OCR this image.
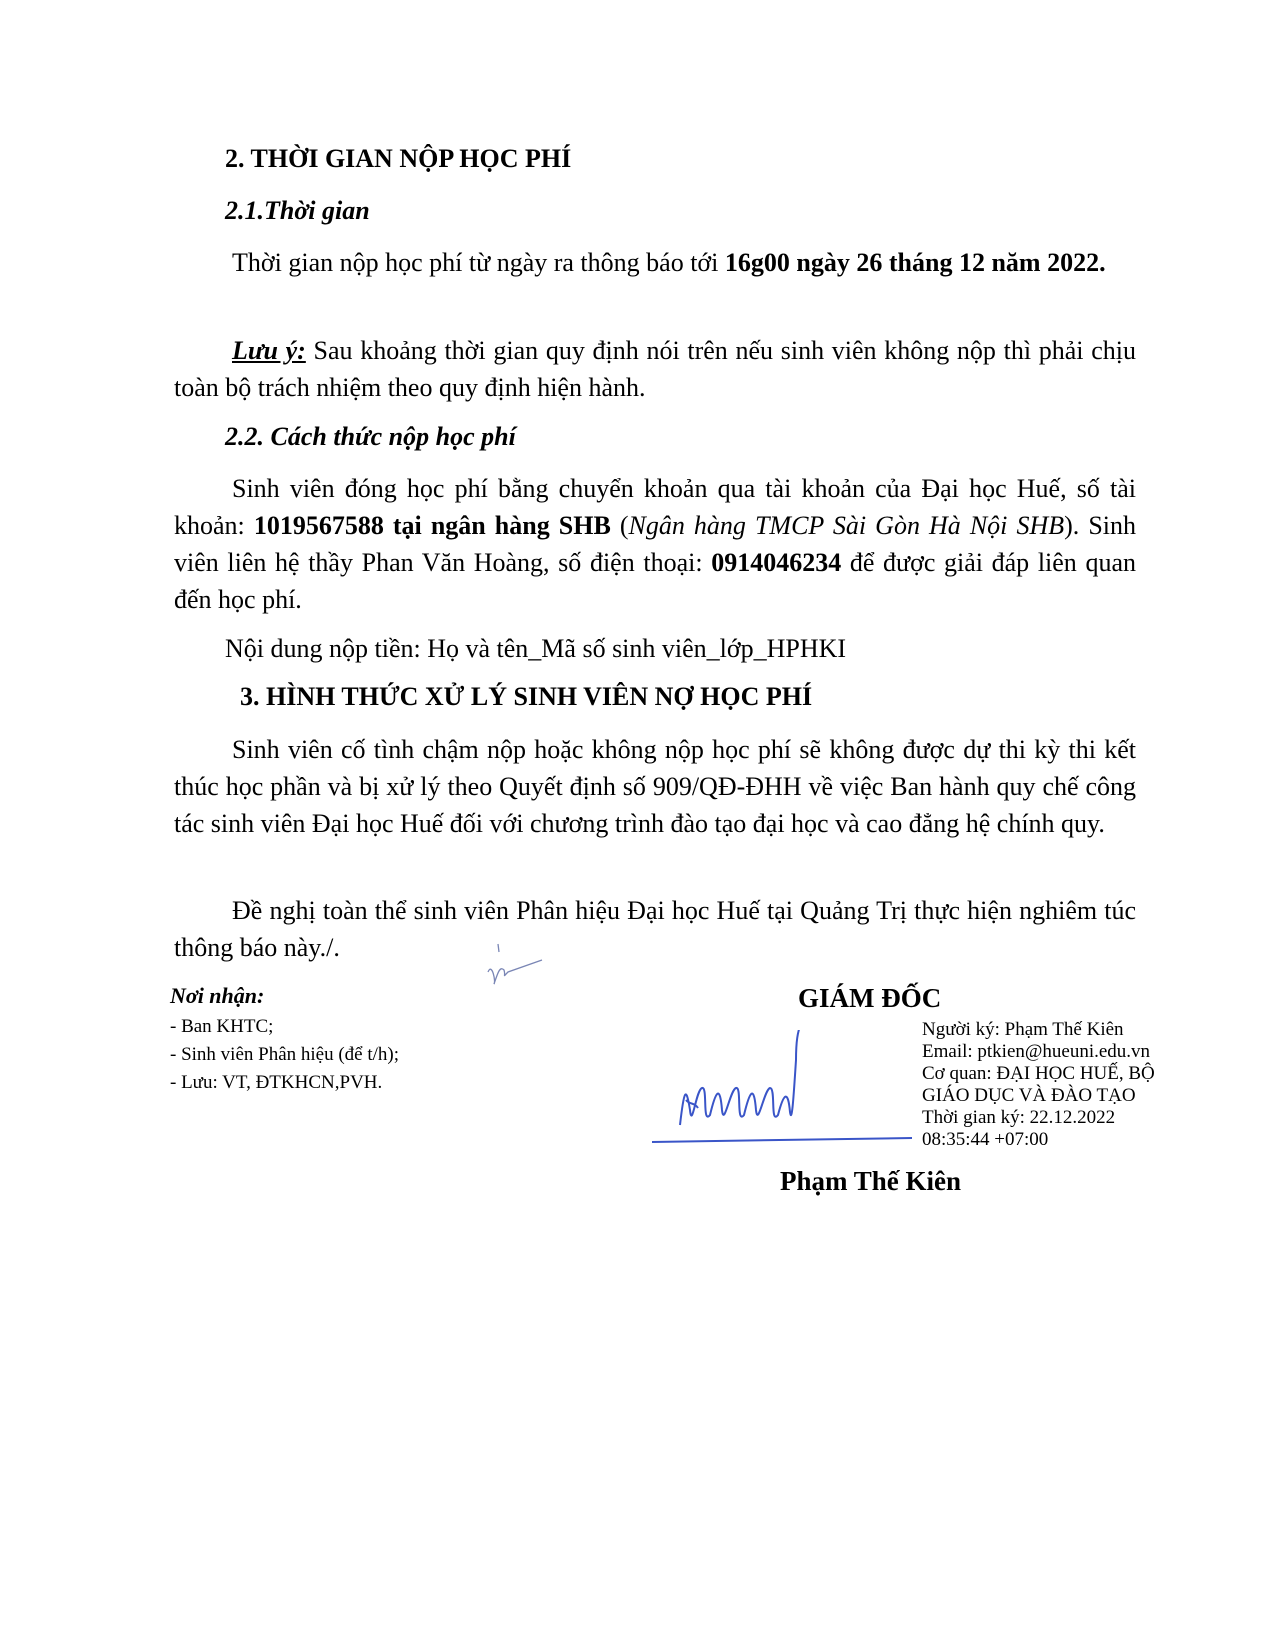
2. THỜI GIAN NỘP HỌC PHÍ
2.1.Thời gian
Thời gian nộp học phí từ ngày ra thông báo tới 16g00 ngày 26 tháng 12 năm 2022.
Lưu ý: Sau khoảng thời gian quy định nói trên nếu sinh viên không nộp thì phải chịu toàn bộ trách nhiệm theo quy định hiện hành.
2.2. Cách thức nộp học phí
Sinh viên đóng học phí bằng chuyển khoản qua tài khoản của Đại học Huế, số tài khoản: 1019567588 tại ngân hàng SHB (Ngân hàng TMCP Sài Gòn Hà Nội SHB). Sinh viên liên hệ thầy Phan Văn Hoàng, số điện thoại: 0914046234 để được giải đáp liên quan đến học phí.
Nội dung nộp tiền: Họ và tên_Mã số sinh viên_lớp_HPHKI
3. HÌNH THỨC XỬ LÝ SINH VIÊN NỢ HỌC PHÍ
Sinh viên cố tình chậm nộp hoặc không nộp học phí sẽ không được dự thi kỳ thi kết thúc học phần và bị xử lý theo Quyết định số 909/QĐ-ĐHH về việc Ban hành quy chế công tác sinh viên Đại học Huế đối với chương trình đào tạo đại học và cao đẳng hệ chính quy.
Đề nghị toàn thể sinh viên Phân hiệu Đại học Huế tại Quảng Trị thực hiện nghiêm túc thông báo này./.
Nơi nhận:
- Ban KHTC;
- Sinh viên Phân hiệu (để t/h);
- Lưu: VT, ĐTKHCN,PVH.
GIÁM ĐỐC
Người ký: Phạm Thế Kiên
Email: ptkien@hueuni.edu.vn
Cơ quan: ĐẠI HỌC HUẾ, BỘ
GIÁO DỤC VÀ ĐÀO TẠO
Thời gian ký: 22.12.2022
08:35:44 +07:00
Phạm Thế Kiên
